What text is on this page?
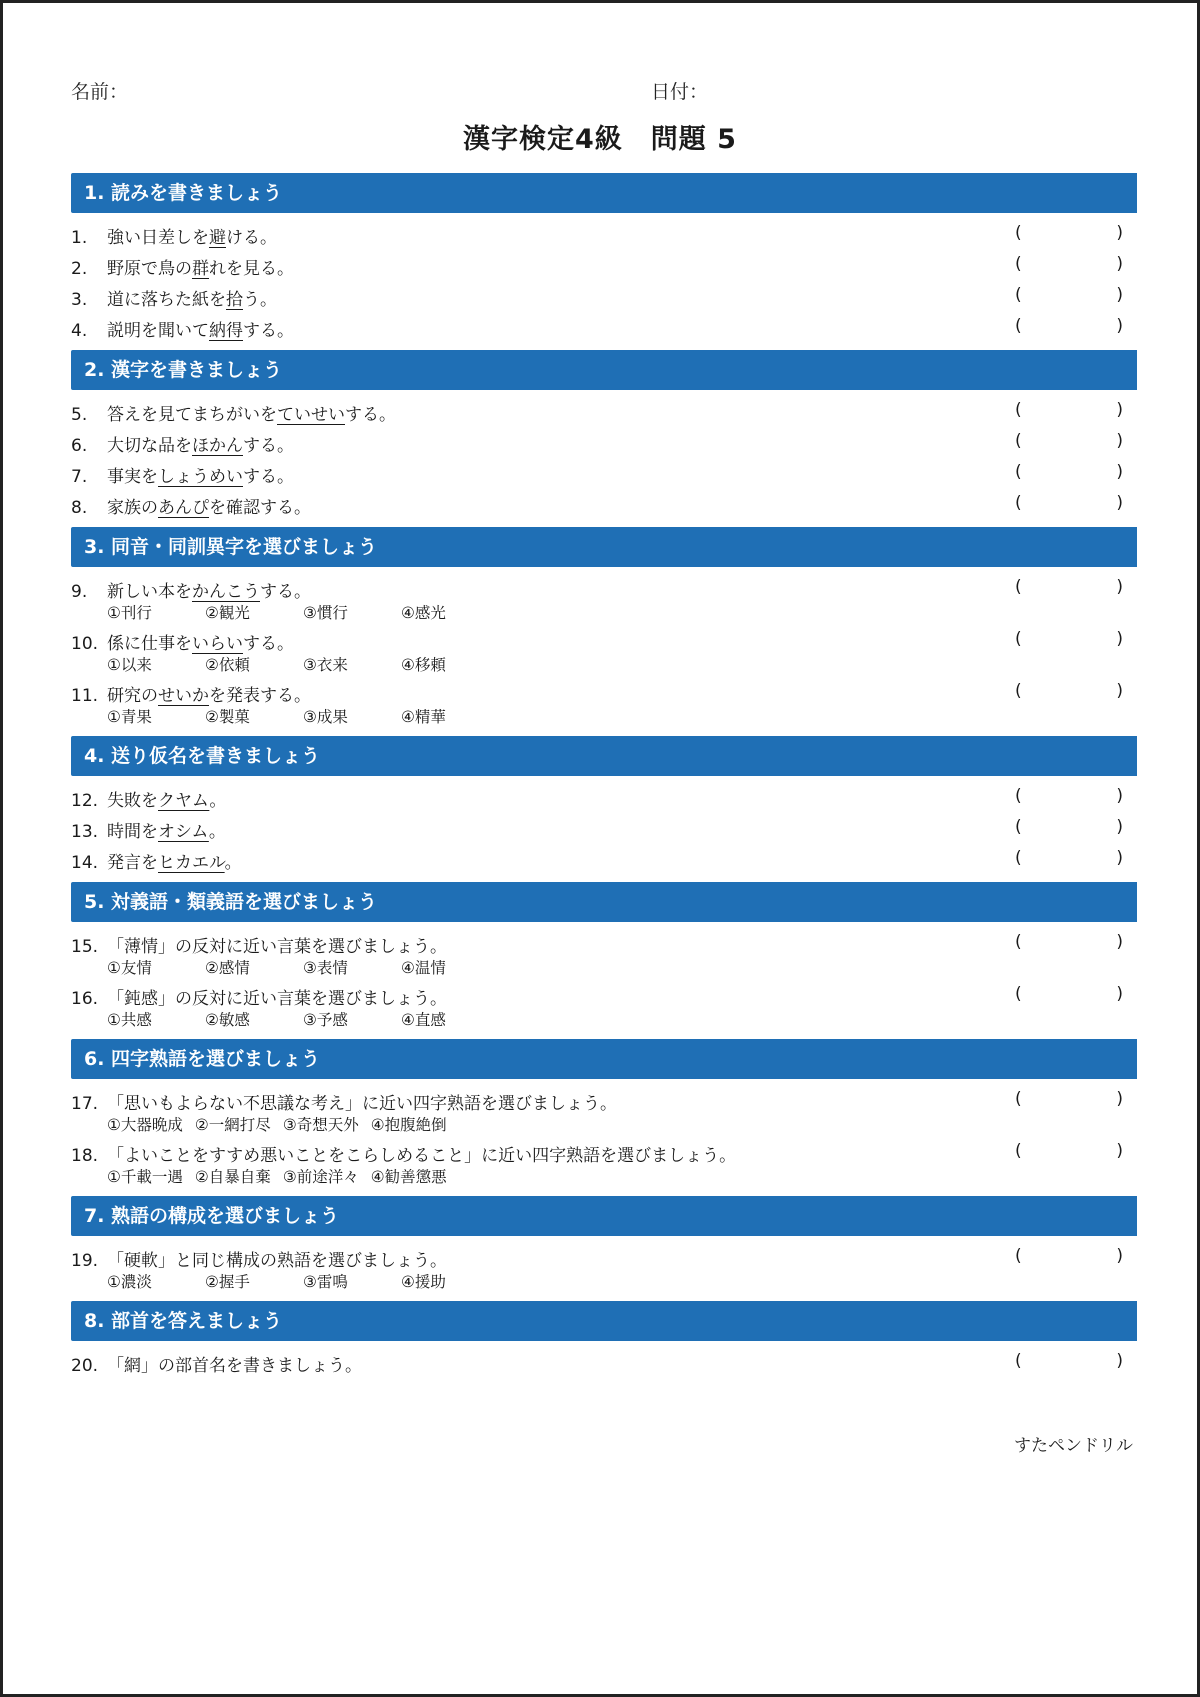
名前：	日付：
漢字検定4級　問題 5
1. 読みを書きましょう
1. 強い日差しを避ける。	(	)
2. 野原で鳥の群れを見る。	(	)
3. 道に落ちた紙を拾う。	(	)
4. 説明を聞いて納得する。	(	)
2. 漢字を書きましょう
5. 答えを見てまちがいをていせいする。	(	)
6. 大切な品をほかんする。	(	)
7. 事実をしょうめいする。	(	)
8. 家族のあんぴを確認する。	(	)
3. 同音・同訓異字を選びましょう
9. 新しい本をかんこうする。	(	)
①刊行	②観光	③慣行	④感光
10. 係に仕事をいらいする。	(	)
①以来	②依頼	③衣来	④移頼
11. 研究のせいかを発表する。	(	)
①青果	②製菓	③成果	④精華
4. 送り仮名を書きましょう
12. 失敗をクヤム。	(	)
13. 時間をオシム。	(	)
14. 発言をヒカエル。	(	)
5. 対義語・類義語を選びましょう
15. 「薄情」の反対に近い言葉を選びましょう。	(	)
①友情	②感情	③表情	④温情
16. 「鈍感」の反対に近い言葉を選びましょう。	(	)
①共感	②敏感	③予感	④直感
6. 四字熟語を選びましょう
17. 「思いもよらない不思議な考え」に近い四字熟語を選びましょう。	(	)
①大器晩成 ②一網打尽 ③奇想天外 ④抱腹絶倒
18. 「よいことをすすめ悪いことをこらしめること」に近い四字熟語を選びましょう。	(	)
①千載一遇 ②自暴自棄 ③前途洋々 ④勧善懲悪
7. 熟語の構成を選びましょう
19. 「硬軟」と同じ構成の熟語を選びましょう。	(	)
①濃淡	②握手	③雷鳴	④援助
8. 部首を答えましょう
20. 「網」の部首名を書きましょう。	(	)
すたペンドリル
